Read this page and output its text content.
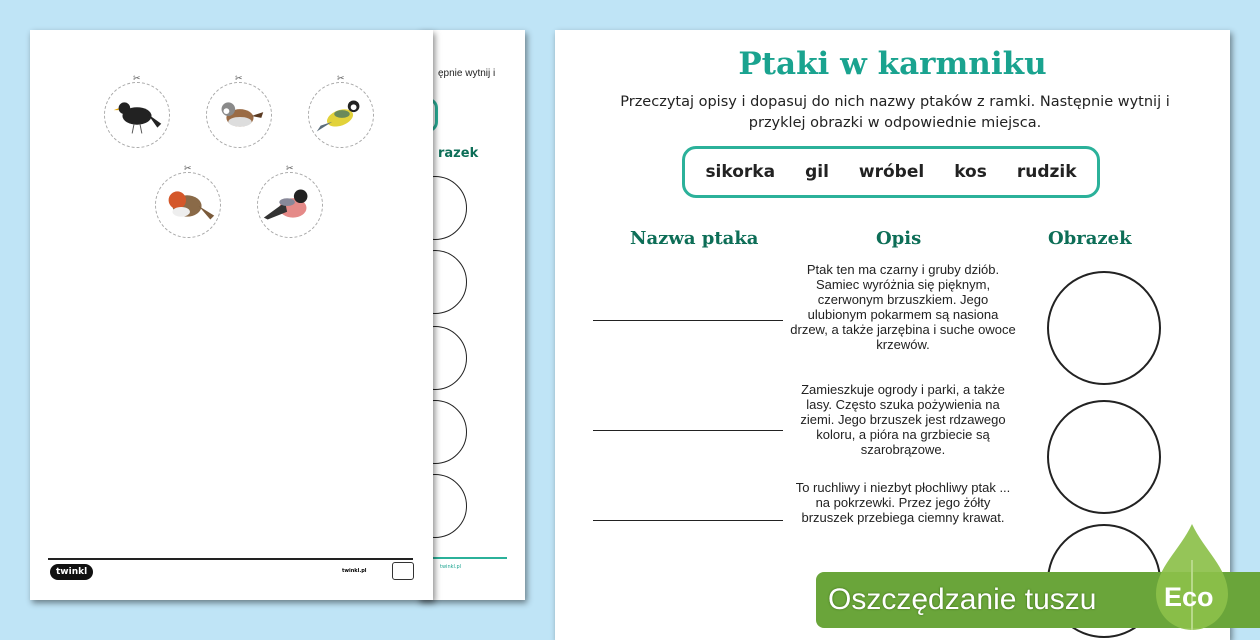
ępnie wytnij i
razek
twinkl.pl
✂	✂	✂
✂	✂
twinkl	twinkl.pl
Ptaki w karmniku
Przeczytaj opisy i dopasuj do nich nazwy ptaków z ramki. Następnie wytnij i przyklej obrazki w odpowiednie miejsca.
sikorka gil wróbel kos rudzik
Nazwa ptaka	Opis	Obrazek
Ptak ten ma czarny i gruby dziób. Samiec wyróżnia się pięknym, czerwonym brzuszkiem. Jego ulubionym pokarmem są nasiona drzew, a także jarzębina i suche owoce krzewów.
Zamieszkuje ogrody i parki, a także lasy. Często szuka pożywienia na ziemi. Jego brzuszek jest rdzawego koloru, a pióra na grzbiecie są szarobrązowe.
To ruchliwy i niezbyt płochliwy ptak ... na pokrzewki. Przez jego żółty brzuszek przebiega ciemny krawat.
Oszczędzanie tuszu	Eco
